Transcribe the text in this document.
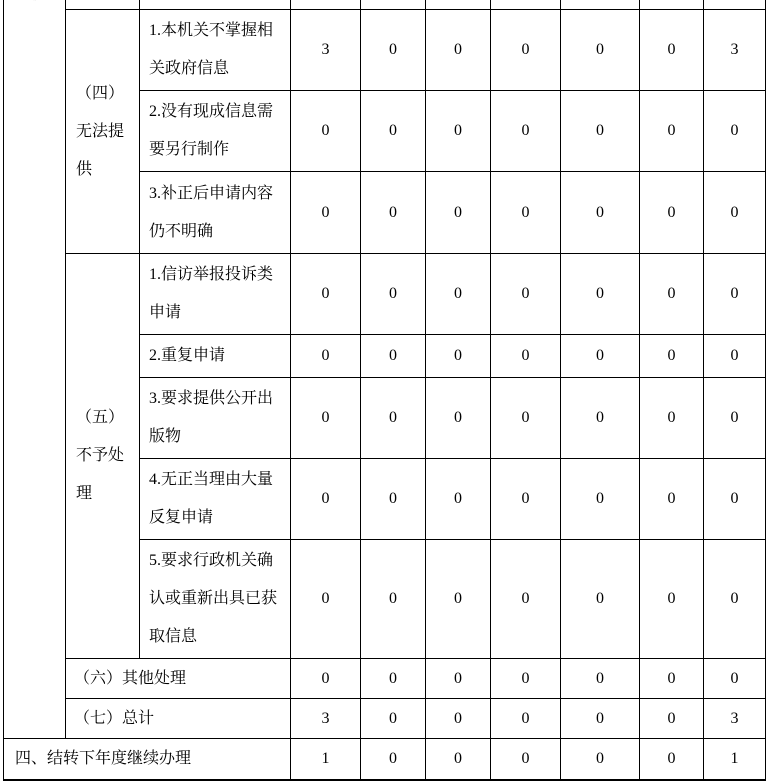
理结果									
	（四）无法提供	1.本机关不掌握相关政府信息	3	0	0	0	0	0	3
		2.没有现成信息需要另行制作	0	0	0	0	0	0	0
		3.补正后申请内容仍不明确	0	0	0	0	0	0	0
	（五）不予处理	1.信访举报投诉类申请	0	0	0	0	0	0	0
		2.重复申请	0	0	0	0	0	0	0
		3.要求提供公开出版物	0	0	0	0	0	0	0
		4.无正当理由大量反复申请	0	0	0	0	0	0	0
		5.要求行政机关确认或重新出具已获取信息	0	0	0	0	0	0	0
	（六）其他处理		0	0	0	0	0	0	0
	（七）总计		3	0	0	0	0	0	3
四、结转下年度继续办理			1	0	0	0	0	0	1
